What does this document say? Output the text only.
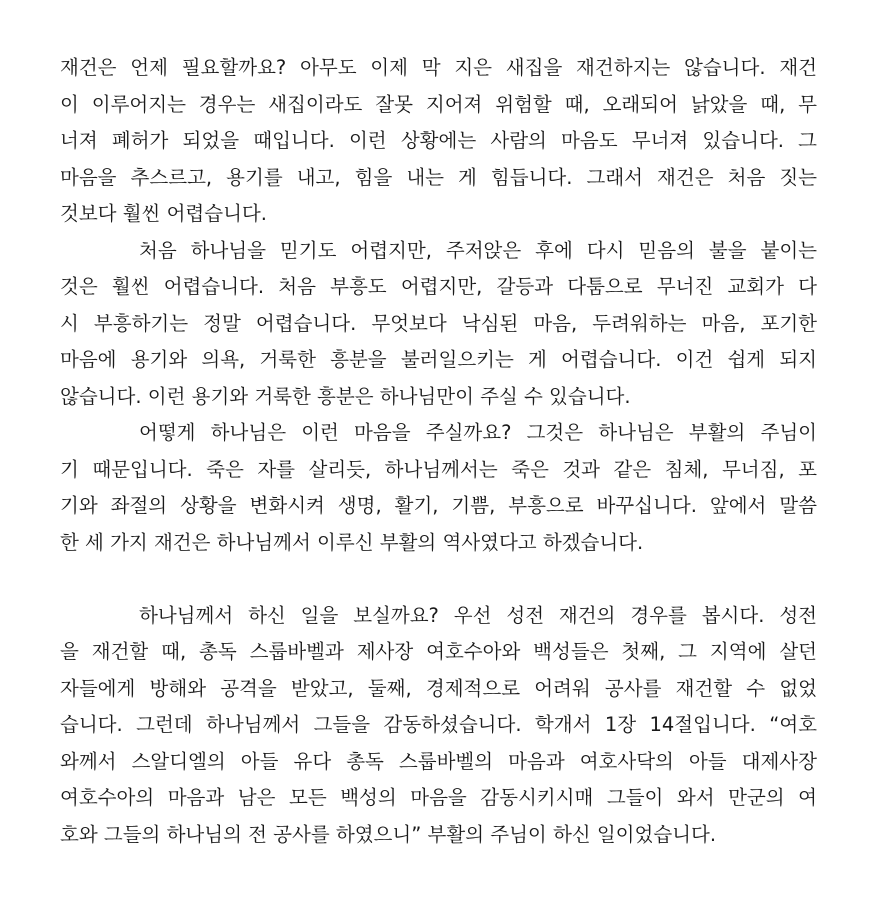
재건은 언제 필요할까요? 아무도 이제 막 지은 새집을 재건하지는 않습니다. 재건
이 이루어지는 경우는 새집이라도 잘못 지어져 위험할 때, 오래되어 낡았을 때, 무
너져 폐허가 되었을 때입니다. 이런 상황에는 사람의 마음도 무너져 있습니다. 그
마음을 추스르고, 용기를 내고, 힘을 내는 게 힘듭니다. 그래서 재건은 처음 짓는
것보다 훨씬 어렵습니다.
처음 하나님을 믿기도 어렵지만, 주저앉은 후에 다시 믿음의 불을 붙이는
것은 훨씬 어렵습니다. 처음 부흥도 어렵지만, 갈등과 다툼으로 무너진 교회가 다
시 부흥하기는 정말 어렵습니다. 무엇보다 낙심된 마음, 두려워하는 마음, 포기한
마음에 용기와 의욕, 거룩한 흥분을 불러일으키는 게 어렵습니다. 이건 쉽게 되지
않습니다. 이런 용기와 거룩한 흥분은 하나님만이 주실 수 있습니다.
어떻게 하나님은 이런 마음을 주실까요? 그것은 하나님은 부활의 주님이
기 때문입니다. 죽은 자를 살리듯, 하나님께서는 죽은 것과 같은 침체, 무너짐, 포
기와 좌절의 상황을 변화시켜 생명, 활기, 기쁨, 부흥으로 바꾸십니다. 앞에서 말씀
한 세 가지 재건은 하나님께서 이루신 부활의 역사였다고 하겠습니다.
하나님께서 하신 일을 보실까요? 우선 성전 재건의 경우를 봅시다. 성전
을 재건할 때, 총독 스룹바벨과 제사장 여호수아와 백성들은 첫째, 그 지역에 살던
자들에게 방해와 공격을 받았고, 둘째, 경제적으로 어려워 공사를 재건할 수 없었
습니다. 그런데 하나님께서 그들을 감동하셨습니다. 학개서 1장 14절입니다. “여호
와께서 스알디엘의 아들 유다 총독 스룹바벨의 마음과 여호사닥의 아들 대제사장
여호수아의 마음과 남은 모든 백성의 마음을 감동시키시매 그들이 와서 만군의 여
호와 그들의 하나님의 전 공사를 하였으니” 부활의 주님이 하신 일이었습니다.
